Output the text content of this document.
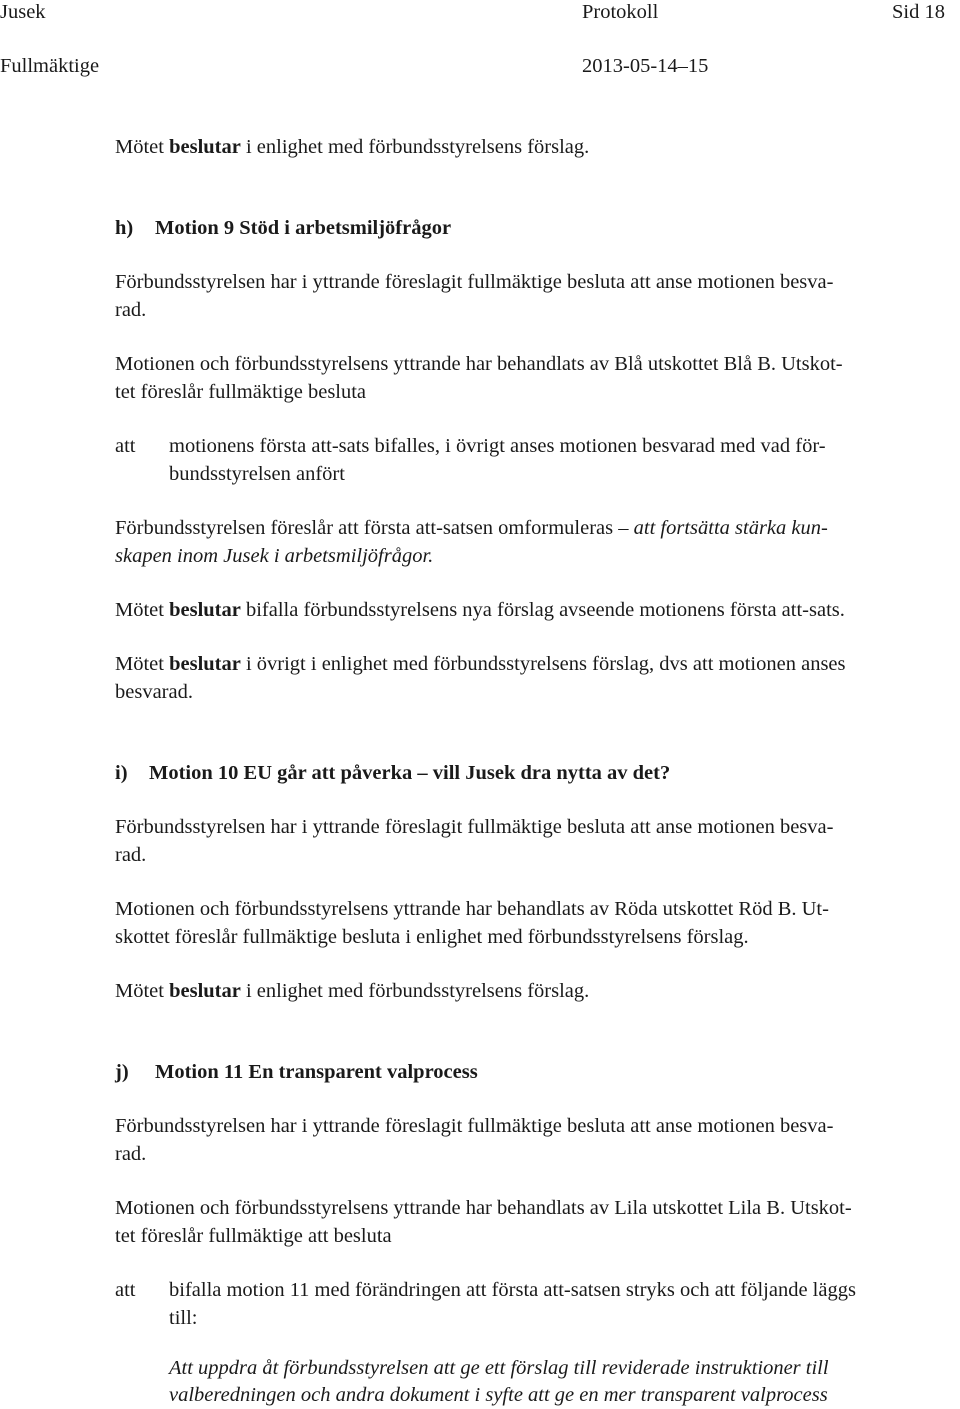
Jusek	Protokoll	Sid 18
Fullmäktige	2013-05-14–15
Mötet beslutar i enlighet med förbundsstyrelsens förslag.
h) Motion 9 Stöd i arbetsmiljöfrågor
Förbundsstyrelsen har i yttrande föreslagit fullmäktige besluta att anse motionen besva-
rad.
Motionen och förbundsstyrelsens yttrande har behandlats av Blå utskottet Blå B. Utskot-
tet föreslår fullmäktige besluta
att motionens första att-sats bifalles, i övrigt anses motionen besvarad med vad för-
bundsstyrelsen anfört
Förbundsstyrelsen föreslår att första att-satsen omformuleras – att fortsätta stärka kun-
skapen inom Jusek i arbetsmiljöfrågor.
Mötet beslutar bifalla förbundsstyrelsens nya förslag avseende motionens första att-sats.
Mötet beslutar i övrigt i enlighet med förbundsstyrelsens förslag, dvs att motionen anses
besvarad.
i) Motion 10 EU går att påverka – vill Jusek dra nytta av det?
Förbundsstyrelsen har i yttrande föreslagit fullmäktige besluta att anse motionen besva-
rad.
Motionen och förbundsstyrelsens yttrande har behandlats av Röda utskottet Röd B. Ut-
skottet föreslår fullmäktige besluta i enlighet med förbundsstyrelsens förslag.
Mötet beslutar i enlighet med förbundsstyrelsens förslag.
j) Motion 11 En transparent valprocess
Förbundsstyrelsen har i yttrande föreslagit fullmäktige besluta att anse motionen besva-
rad.
Motionen och förbundsstyrelsens yttrande har behandlats av Lila utskottet Lila B. Utskot-
tet föreslår fullmäktige att besluta
att bifalla motion 11 med förändringen att första att-satsen stryks och att följande läggs
till:
Att uppdra åt förbundsstyrelsen att ge ett förslag till reviderade instruktioner till
valberedningen och andra dokument i syfte att ge en mer transparent valprocess
